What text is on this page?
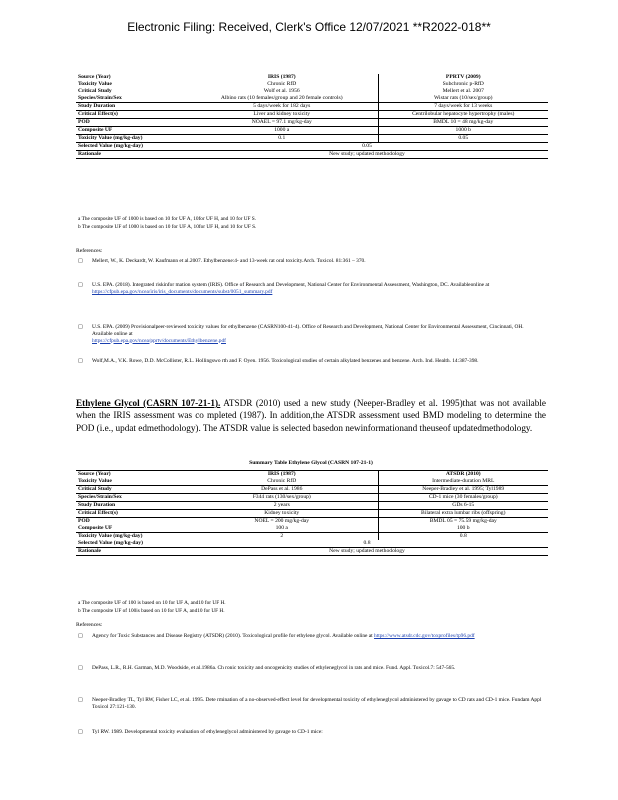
Electronic Filing: Received, Clerk's Office 12/07/2021 **R2022-018**
Source (Year)	IRIS (1987)	PPRTV (2009)
Toxicity Value	Chronic RfD	Subchronic p-RfD
Critical Study	Wolf et al. 1956	Mellert et al. 2007
Species/Strain/Sex	Albino rats (10 females/group and 20 female controls)	Wistar rats (10/sex/group)
Study Duration	5 days/week for 182 days	7 days/week for 13 weeks
Critical Effect(s)	Liver and kidney toxicity	Centrilobular hepatocyte hypertrophy (males)
POD	NOAEL = 97.1 mg/kg-day	BMDL 10 = 48 mg/kg-day
Composite UF	1000 a	1000 b
Toxicity Value (mg/kg-day)	0.1	0.05
Selected Value (mg/kg-day)	0.05	
Rationale	New study; updated methodology	
a The composite UF of 1000 is based on 10 for UF A, 10for UF H, and 10 for UF S.
b The composite UF of 1000 is based on 10 for UF A, 10for UF H, and 10 for UF S.
References:
□ Mellert, W., K. Deckardt, W. Kaufmann et al.2007. Ethylbenzene:4- and 13-week rat oral toxicity.Arch. Toxicol. 81:361 – 370.
□ U.S. EPA. (2018). Integrated riskinfor mation system (IRIS). Office of Research and Development, National Center for Environmental Assessment, Washington, DC. Availableonline at
https://cfpub.epa.gov/ncea/iris/iris_documents/documents/subst/0051_summary.pdf
□ U.S. EPA. (2009) Provisionalpeer-reviewed toxicity values for ethylbenzene (CASRN100-41-4). Office of Research and Development, National Center for Environmental Assessment, Cincinnati, OH. Available online at
https://cfpub.epa.gov/ncea/pprtv/documents/Ethylbenzene.pdf
□ Wolf,M.A., V.K. Rowe, D.D. McCollister, R.L. Hollingswo rth and F. Oyen. 1956. Toxicological studies of certain alkylated benzenes and benzene. Arch. Ind. Health. 14:387-398.
Ethylene Glycol (CASRN 107-21-1). ATSDR (2010) used a new study (Neeper-Bradley et al. 1995)that was not available when the IRIS assessment was co mpleted (1987). In addition,the ATSDR assessment used BMD modeling to determine the POD (i.e., updat edmethodology). The ATSDR value is selected basedon newinformationand theuseof updatedmethodology.
Summary Table Ethylene Glycol (CASRN 107-21-1)
Source (Year)	IRIS (1987)	ATSDR (2010)
Toxicity Value	Chronic RfD	Intermediate-duration MRL
Critical Study	DePass et al. 1986	Neeper-Bradley et al. 1995; Tyl1989
Species/Strain/Sex	F344 rats (130/sex/group)	CD-1 mice (30 females/group)
Study Duration	2 years	GDs 6-15
Critical Effect(s)	Kidney toxicity	Bilateral extra lumbar ribs (offspring)
POD	NOEL = 200 mg/kg-day	BMDL 05 = 75.59 mg/kg-day
Composite UF	100 a	100 b
Toxicity Value (mg/kg-day)	2	0.8
Selected Value (mg/kg-day)	0.8	
Rationale	New study; updated methodology	
a The composite UF of 100 is based on 10 for UF A, and10 for UF H.
b The composite UF of 100is based on 10 for UF A, and10 for UF H.
References:
□ Agency for Toxic Substances and Disease Registry (ATSDR) (2010). Toxicological profile for ethylene glycol. Available online at https://www.atsdr.cdc.gov/toxprofiles/tp96.pdf
□ DePass, L.R., R.H. Garman, M.D. Woodside, et al.1986a. Ch ronic toxicity and oncogenicity studies of ethyleneglycol in rats and mice. Fund. Appl. Toxicol.7: 547-565.
□ Neeper-Bradley TL, Tyl RW, Fisher LC, et al. 1995. Dete rmination of a no-observed-effect level for developmental toxicity of ethyleneglycol administered by gavage to CD rats and CD-1 mice. Fundam Appl Toxicol 27:121-130.
□ Tyl RW. 1989. Developmental toxicity evaluation of ethyleneglycol administered by gavage to CD-1 mice:
